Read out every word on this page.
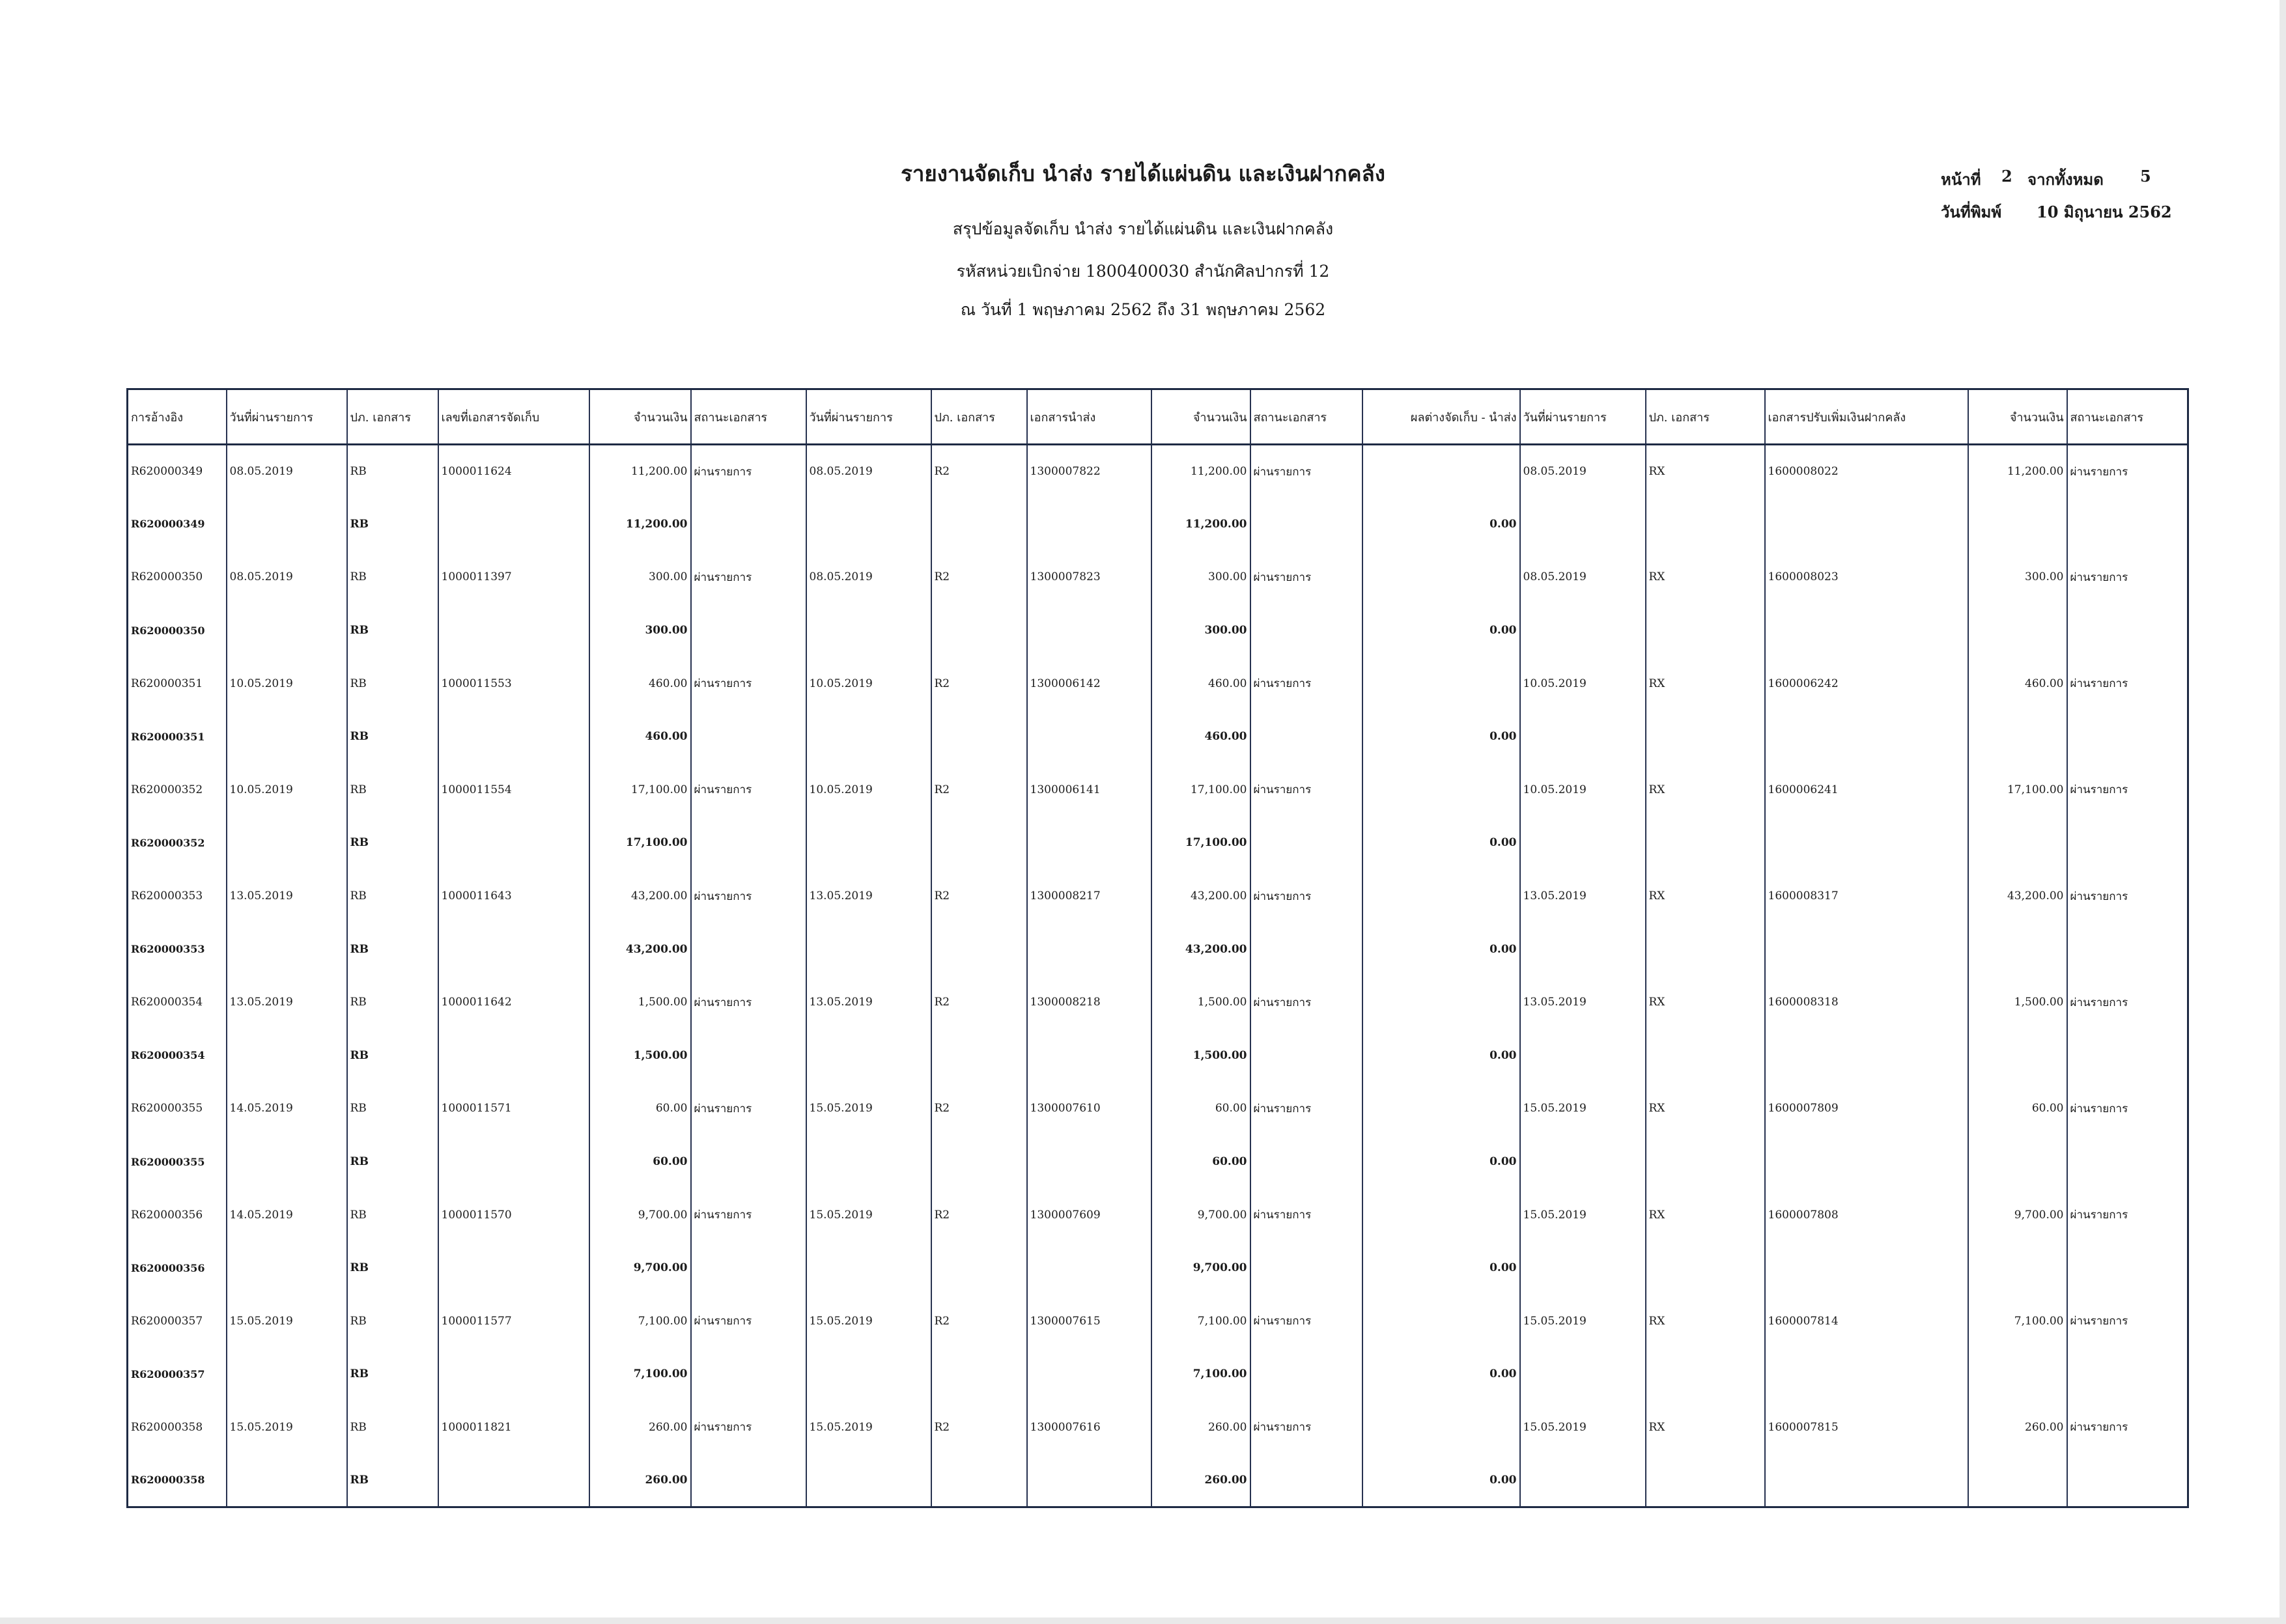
รายงานจัดเก็บ นำส่ง รายได้แผ่นดิน และเงินฝากคลัง
สรุปข้อมูลจัดเก็บ นำส่ง รายได้แผ่นดิน และเงินฝากคลัง
รหัสหน่วยเบิกจ่าย 1800400030 สำนักศิลปากรที่ 12
ณ วันที่ 1 พฤษภาคม 2562 ถึง 31 พฤษภาคม 2562
หน้าที่ 2 จากทั้งหมด 5
วันที่พิมพ์ 10 มิถุนายน 2562
การอ้างอิง	วันที่ผ่านรายการ	ปภ. เอกสาร	เลขที่เอกสารจัดเก็บ	จำนวนเงิน	สถานะเอกสาร	วันที่ผ่านรายการ	ปภ. เอกสาร	เอกสารนำส่ง	จำนวนเงิน	สถานะเอกสาร	ผลต่างจัดเก็บ - นำส่ง	วันที่ผ่านรายการ	ปภ. เอกสาร	เอกสารปรับเพิ่มเงินฝากคลัง	จำนวนเงิน	สถานะเอกสาร
R620000349	08.05.2019	RB	1000011624	11,200.00	ผ่านรายการ	08.05.2019	R2	1300007822	11,200.00	ผ่านรายการ		08.05.2019	RX	1600008022	11,200.00	ผ่านรายการ
R620000349		RB		11,200.00					11,200.00		0.00					
R620000350	08.05.2019	RB	1000011397	300.00	ผ่านรายการ	08.05.2019	R2	1300007823	300.00	ผ่านรายการ		08.05.2019	RX	1600008023	300.00	ผ่านรายการ
R620000350		RB		300.00					300.00		0.00					
R620000351	10.05.2019	RB	1000011553	460.00	ผ่านรายการ	10.05.2019	R2	1300006142	460.00	ผ่านรายการ		10.05.2019	RX	1600006242	460.00	ผ่านรายการ
R620000351		RB		460.00					460.00		0.00					
R620000352	10.05.2019	RB	1000011554	17,100.00	ผ่านรายการ	10.05.2019	R2	1300006141	17,100.00	ผ่านรายการ		10.05.2019	RX	1600006241	17,100.00	ผ่านรายการ
R620000352		RB		17,100.00					17,100.00		0.00					
R620000353	13.05.2019	RB	1000011643	43,200.00	ผ่านรายการ	13.05.2019	R2	1300008217	43,200.00	ผ่านรายการ		13.05.2019	RX	1600008317	43,200.00	ผ่านรายการ
R620000353		RB		43,200.00					43,200.00		0.00					
R620000354	13.05.2019	RB	1000011642	1,500.00	ผ่านรายการ	13.05.2019	R2	1300008218	1,500.00	ผ่านรายการ		13.05.2019	RX	1600008318	1,500.00	ผ่านรายการ
R620000354		RB		1,500.00					1,500.00		0.00					
R620000355	14.05.2019	RB	1000011571	60.00	ผ่านรายการ	15.05.2019	R2	1300007610	60.00	ผ่านรายการ		15.05.2019	RX	1600007809	60.00	ผ่านรายการ
R620000355		RB		60.00					60.00		0.00					
R620000356	14.05.2019	RB	1000011570	9,700.00	ผ่านรายการ	15.05.2019	R2	1300007609	9,700.00	ผ่านรายการ		15.05.2019	RX	1600007808	9,700.00	ผ่านรายการ
R620000356		RB		9,700.00					9,700.00		0.00					
R620000357	15.05.2019	RB	1000011577	7,100.00	ผ่านรายการ	15.05.2019	R2	1300007615	7,100.00	ผ่านรายการ		15.05.2019	RX	1600007814	7,100.00	ผ่านรายการ
R620000357		RB		7,100.00					7,100.00		0.00					
R620000358	15.05.2019	RB	1000011821	260.00	ผ่านรายการ	15.05.2019	R2	1300007616	260.00	ผ่านรายการ		15.05.2019	RX	1600007815	260.00	ผ่านรายการ
R620000358		RB		260.00					260.00		0.00					
